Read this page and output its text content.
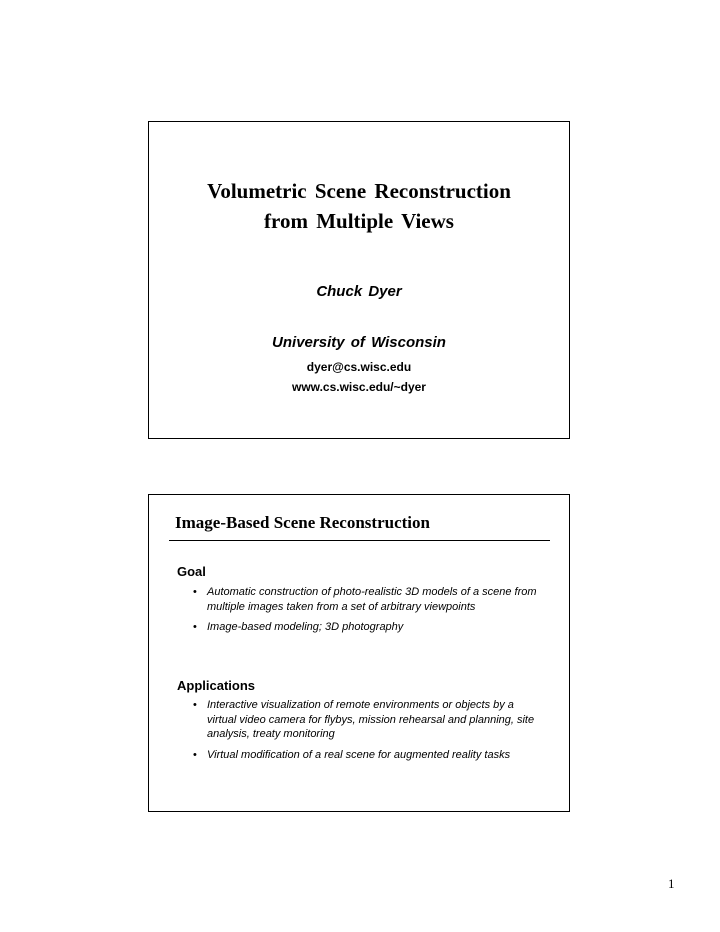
Volumetric Scene Reconstruction
from Multiple Views
Chuck Dyer
University of Wisconsin
dyer@cs.wisc.edu
www.cs.wisc.edu/~dyer
Image-Based Scene Reconstruction
Goal
• Automatic construction of photo-realistic 3D models of a scene from multiple images taken from a set of arbitrary viewpoints
• Image-based modeling; 3D photography
Applications
• Interactive visualization of remote environments or objects by a virtual video camera for flybys, mission rehearsal and planning, site analysis, treaty monitoring
• Virtual modification of a real scene for augmented reality tasks
1
